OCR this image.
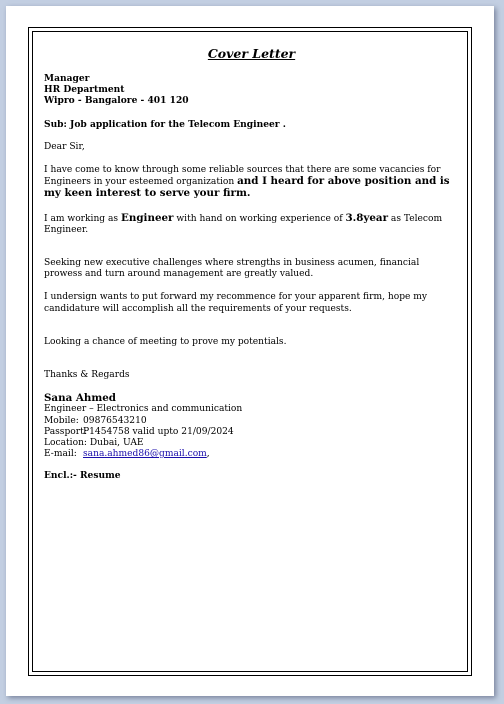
Cover Letter
Manager
HR Department
Wipro - Bangalore - 401 120

Sub: Job application for the Telecom Engineer .

Dear Sir,

I have come to know through some reliable sources that there are some vacancies for Engineers in your esteemed organization and I heard for above position and is my keen interest to serve your firm.

I am working as Engineer with hand on working experience of 3.8year as Telecom Engineer.

Seeking new executive challenges where strengths in business acumen, financial prowess and turn around management are greatly valued.

I undersign wants to put forward my recommence for your apparent firm, hope my candidature will accomplish all the requirements of your requests.

Looking a chance of meeting to prove my potentials.

Thanks & Regards

Sana Ahmed
Engineer – Electronics and communication
Mobile: 09876543210
Passport:P1454758 valid upto 21/09/2024
Location: Dubai, UAE
E-mail: sana.ahmed86@gmail.com,

Encl.:- Resume
